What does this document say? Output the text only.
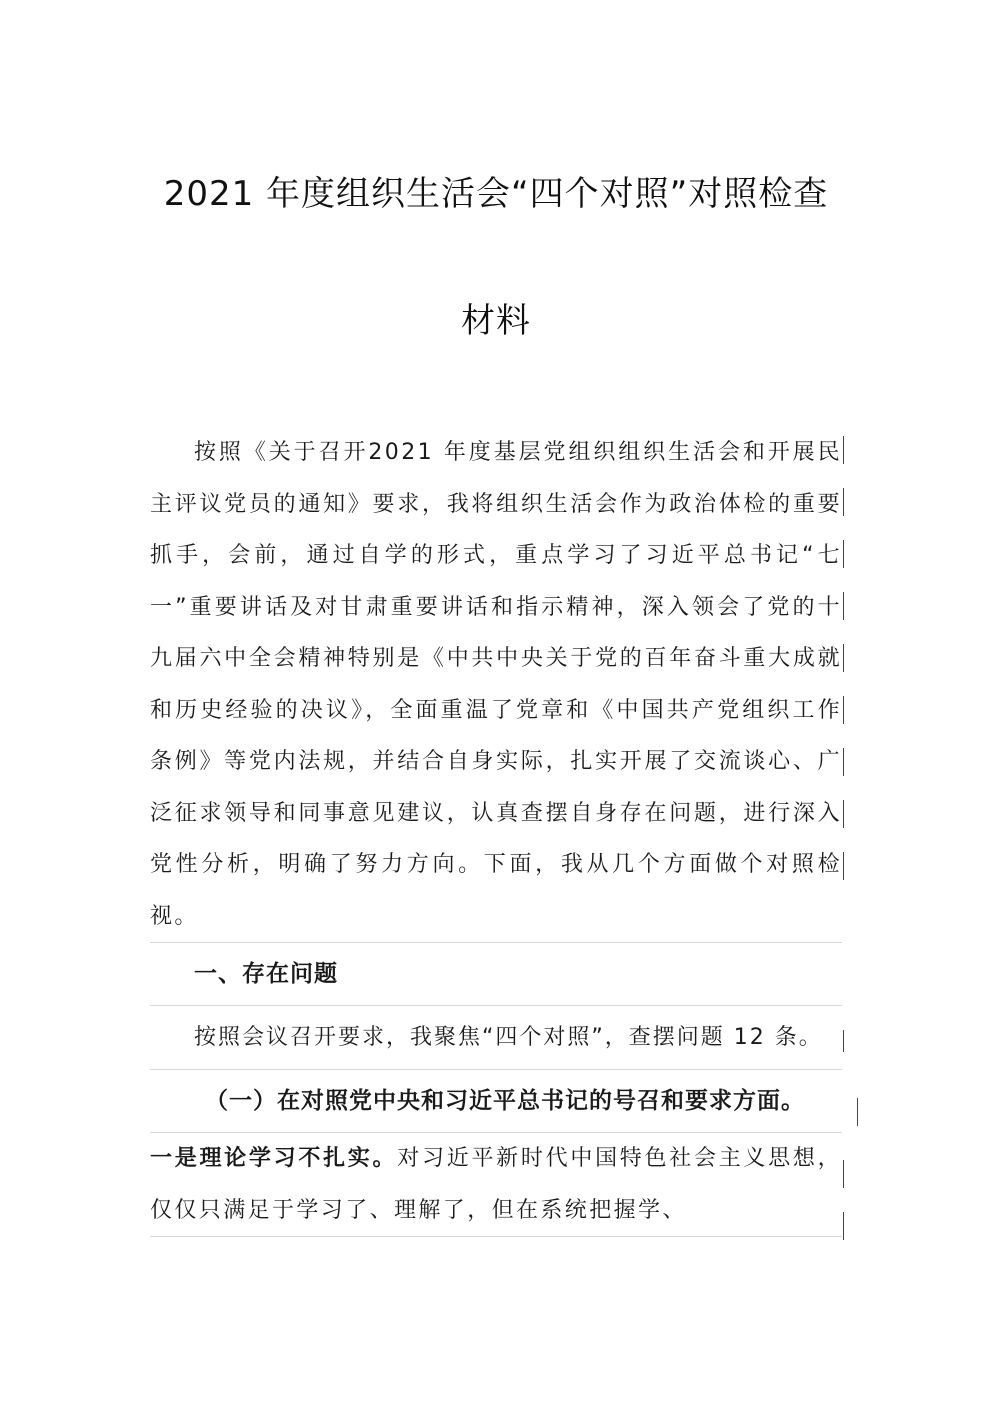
2021 年度组织生活会“四个对照”对照检查
材料

按照《关于召开2021 年度基层党组织组织生活会和开展民主评议党员的通知》要求，我将组织生活会作为政治体检的重要抓手，会前，通过自学的形式，重点学习了习近平总书记“七一”重要讲话及对甘肃重要讲话和指示精神，深入领会了党的十九届六中全会精神特别是《中共中央关于党的百年奋斗重大成就和历史经验的决议》，全面重温了党章和《中国共产党组织工作条例》等党内法规，并结合自身实际，扎实开展了交流谈心、广泛征求领导和同事意见建议，认真查摆自身存在问题，进行深入党性分析，明确了努力方向。下面，我从几个方面做个对照检视。

一、存在问题

按照会议召开要求，我聚焦“四个对照”，查摆问题 12 条。

（一）在对照党中央和习近平总书记的号召和要求方面。

一是理论学习不扎实。对习近平新时代中国特色社会主义思想，仅仅只满足于学习了、理解了，但在系统把握学、
